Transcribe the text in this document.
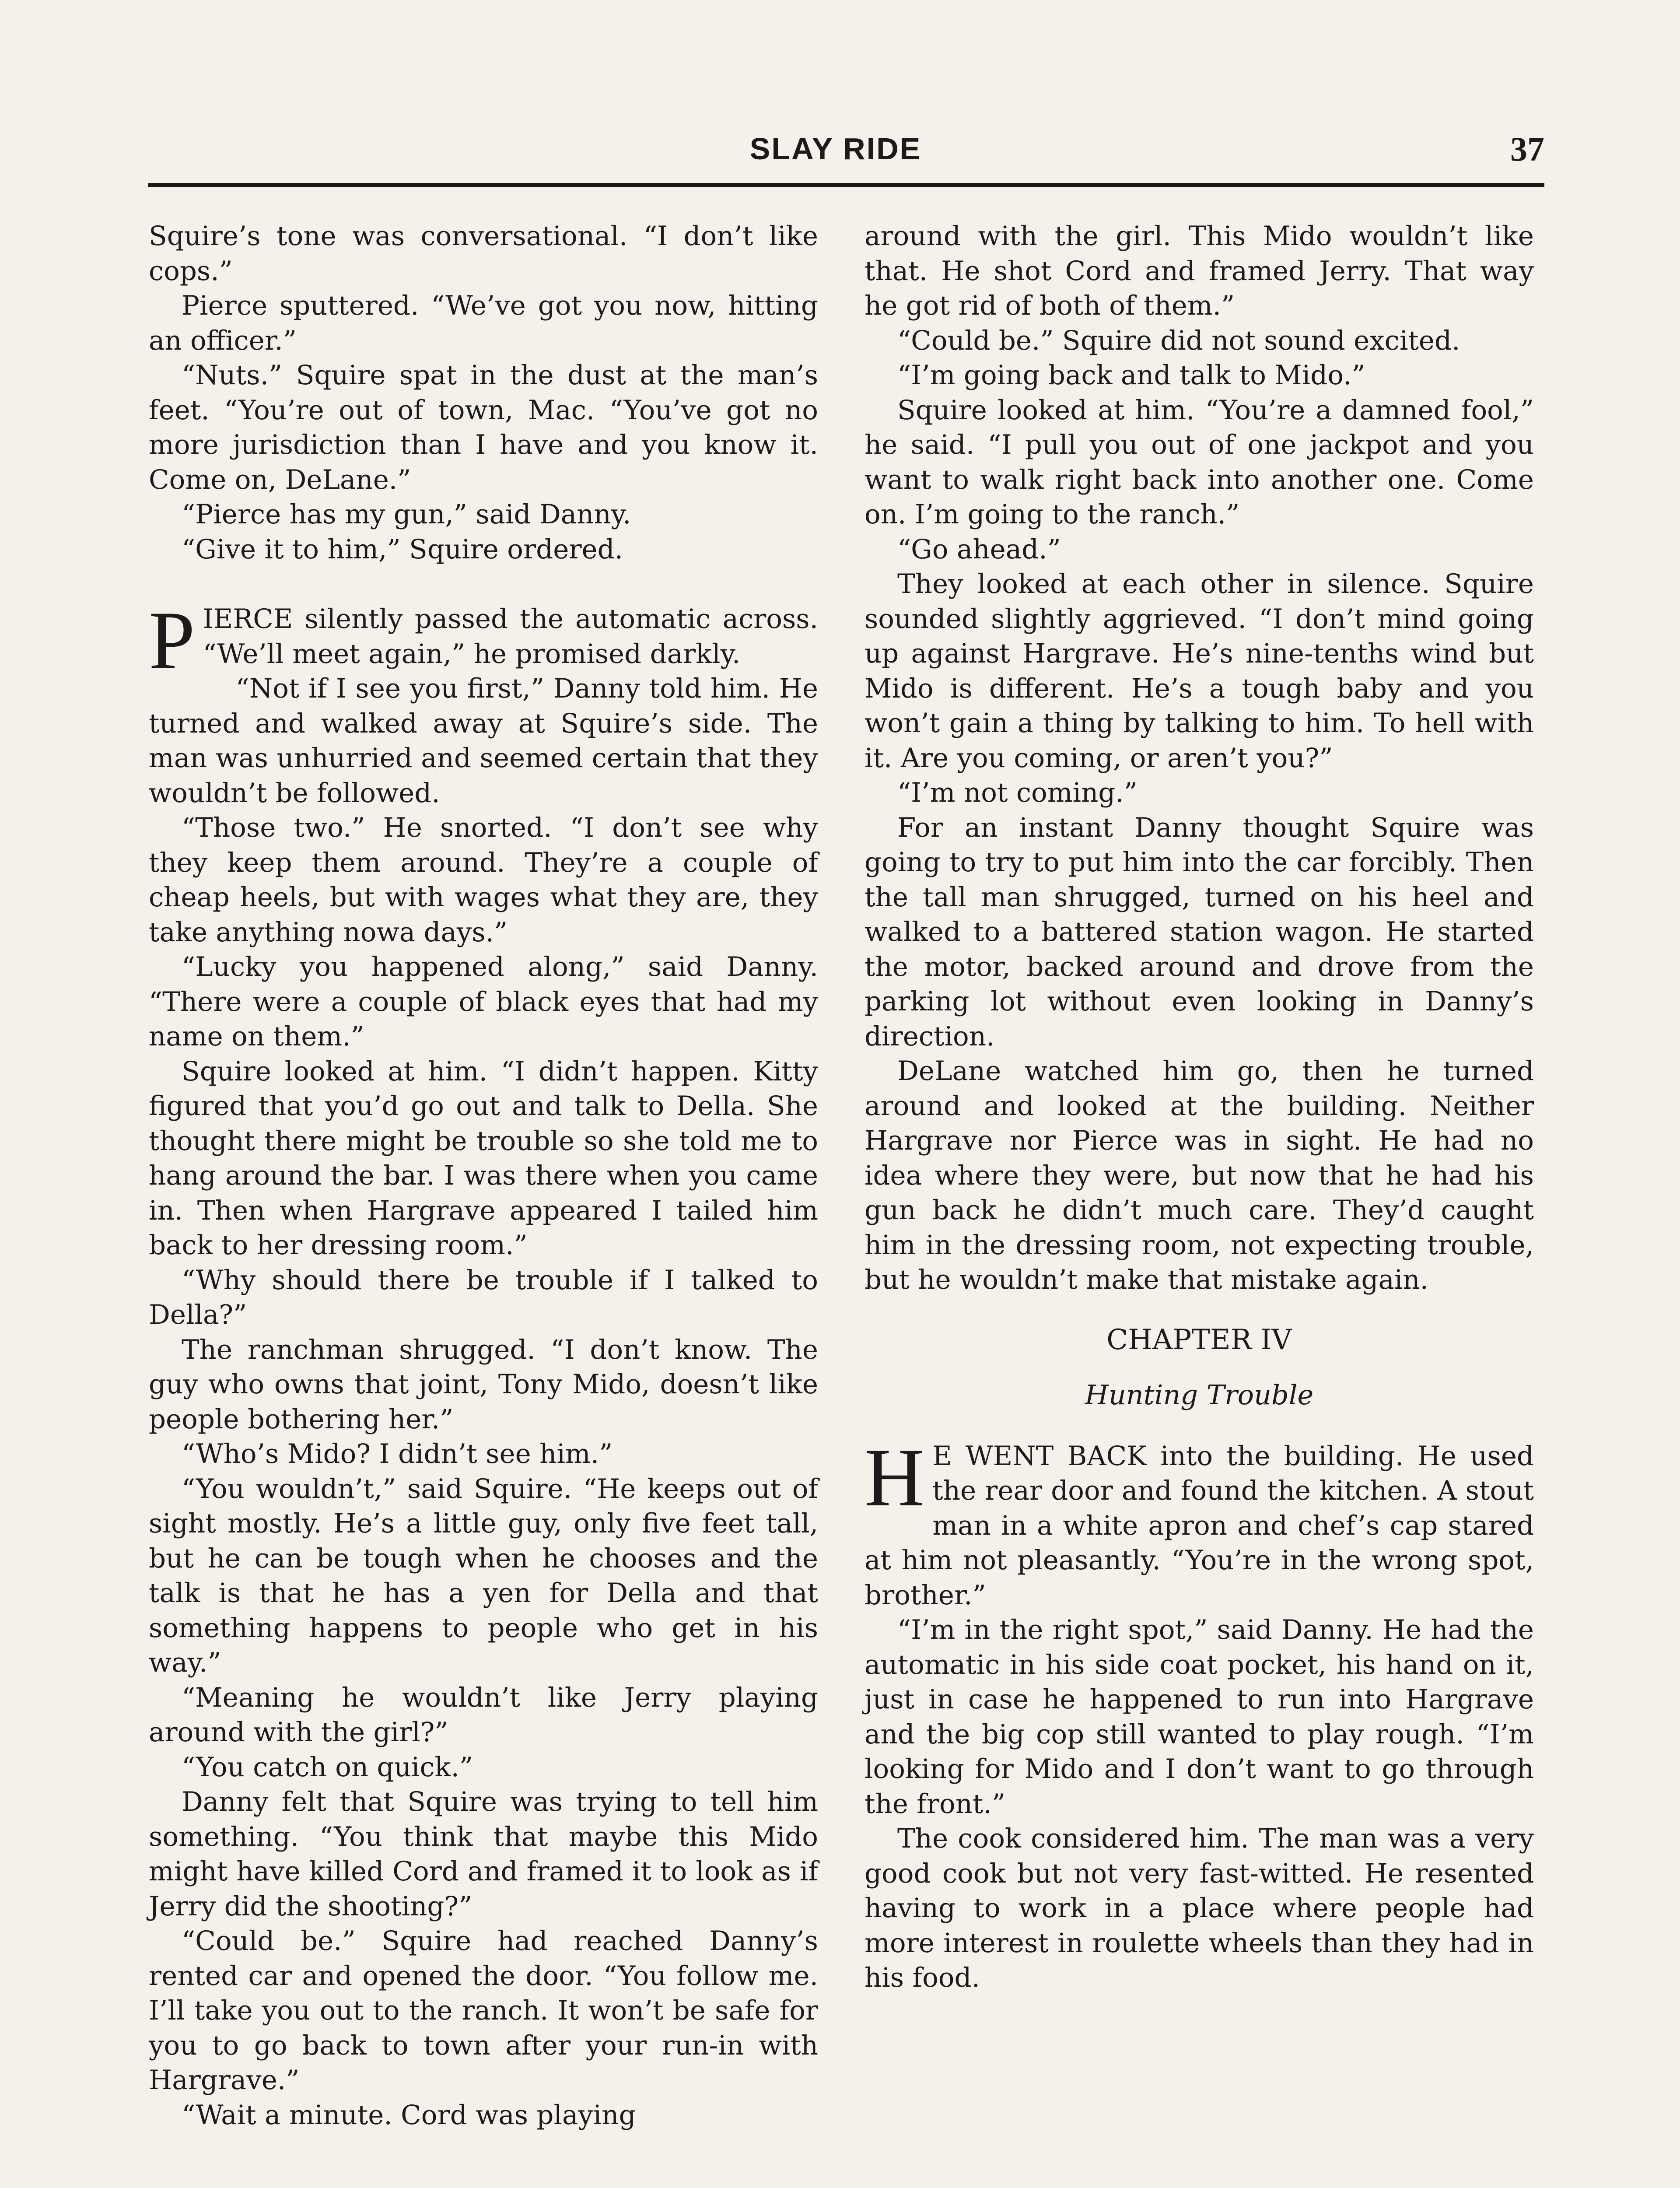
SLAY RIDE	37

Squire’s tone was conversational. “I don’t like cops.”

Pierce sputtered. “We’ve got you now, hitting an officer.”

“Nuts.” Squire spat in the dust at the man’s feet. “You’re out of town, Mac. “You’ve got no more jurisdiction than I have and you know it. Come on, DeLane.”

“Pierce has my gun,” said Danny.

“Give it to him,” Squire ordered.

PIERCE silently passed the automatic across. “We’ll meet again,” he promised darkly.

“Not if I see you first,” Danny told him. He turned and walked away at Squire’s side. The man was unhurried and seemed certain that they wouldn’t be followed.

“Those two.” He snorted. “I don’t see why they keep them around. They’re a couple of cheap heels, but with wages what they are, they take anything nowa days.”

“Lucky you happened along,” said Danny. “There were a couple of black eyes that had my name on them.”

Squire looked at him. “I didn’t happen. Kitty figured that you’d go out and talk to Della. She thought there might be trouble so she told me to hang around the bar. I was there when you came in. Then when Hargrave appeared I tailed him back to her dressing room.”

“Why should there be trouble if I talked to Della?”

The ranchman shrugged. “I don’t know. The guy who owns that joint, Tony Mido, doesn’t like people bothering her.”

“Who’s Mido? I didn’t see him.”

“You wouldn’t,” said Squire. “He keeps out of sight mostly. He’s a little guy, only five feet tall, but he can be tough when he chooses and the talk is that he has a yen for Della and that something happens to people who get in his way.”

“Meaning he wouldn’t like Jerry playing around with the girl?”

“You catch on quick.”

Danny felt that Squire was trying to tell him something. “You think that maybe this Mido might have killed Cord and framed it to look as if Jerry did the shooting?”

“Could be.” Squire had reached Danny’s rented car and opened the door. “You follow me. I’ll take you out to the ranch. It won’t be safe for you to go back to town after your run-in with Hargrave.”

“Wait a minute. Cord was playing

around with the girl. This Mido wouldn’t like that. He shot Cord and framed Jerry. That way he got rid of both of them.”

“Could be.” Squire did not sound excited.

“I’m going back and talk to Mido.”

Squire looked at him. “You’re a damned fool,” he said. “I pull you out of one jackpot and you want to walk right back into another one. Come on. I’m going to the ranch.”

“Go ahead.”

They looked at each other in silence. Squire sounded slightly aggrieved. “I don’t mind going up against Hargrave. He’s nine-tenths wind but Mido is different. He’s a tough baby and you won’t gain a thing by talking to him. To hell with it. Are you coming, or aren’t you?”

“I’m not coming.”

For an instant Danny thought Squire was going to try to put him into the car forcibly. Then the tall man shrugged, turned on his heel and walked to a battered station wagon. He started the motor, backed around and drove from the parking lot without even looking in Danny’s direction.

DeLane watched him go, then he turned around and looked at the building. Neither Hargrave nor Pierce was in sight. He had no idea where they were, but now that he had his gun back he didn’t much care. They’d caught him in the dressing room, not expecting trouble, but he wouldn’t make that mistake again.

CHAPTER IV
Hunting Trouble

H E WENT BACK into the building. He used the rear door and found the kitchen. A stout man in a white apron and chef’s cap stared at him not pleasantly. “You’re in the wrong spot, brother.”

“I’m in the right spot,” said Danny. He had the automatic in his side coat pocket, his hand on it, just in case he happened to run into Hargrave and the big cop still wanted to play rough. “I’m looking for Mido and I don’t want to go through the front.”

The cook considered him. The man was a very good cook but not very fast-witted. He resented having to work in a place where people had more interest in roulette wheels than they had in his food.
